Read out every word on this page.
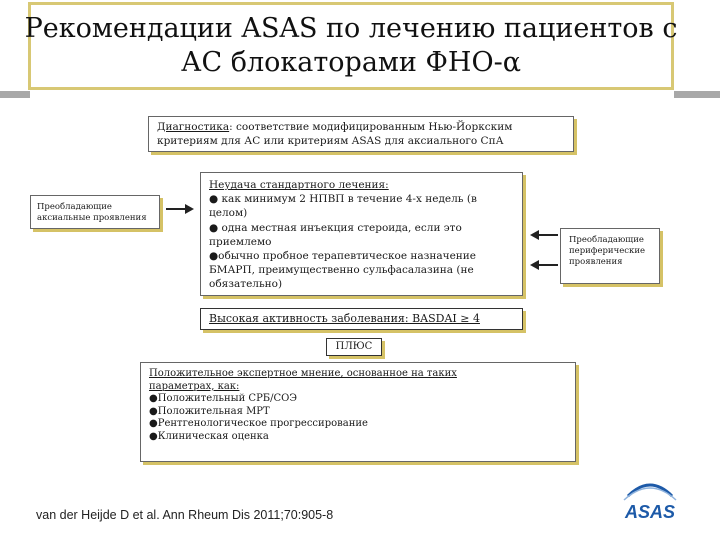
Рекомендации ASAS по лечению пациентов с
АС блокаторами ФНО-α
Диагностика: соответствие модифицированным Нью-Йоркским
критериям для АС или критериям ASAS для аксиального СпА
Неудача стандартного лечения:
● как минимум 2 НПВП в течение 4-х недель (в
целом)
● одна местная инъекция стероида, если это
приемлемо
●обычно пробное терапевтическое назначение
БМАРП, преимущественно сульфасалазина (не
обязательно)
Высокая активность заболевания: BASDAI ≥ 4
ПЛЮС
Положительное экспертное мнение, основанное на таких
параметрах, как:
●Положительный СРБ/СОЭ
●Положительная МРТ
●Рентгенологическое прогрессирование
●Клиническая оценка
Преобладающие
аксиальные проявления
Преобладающие
периферические
проявления
van der Heijde D et al. Ann Rheum Dis 2011;70:905-8	ASAS
